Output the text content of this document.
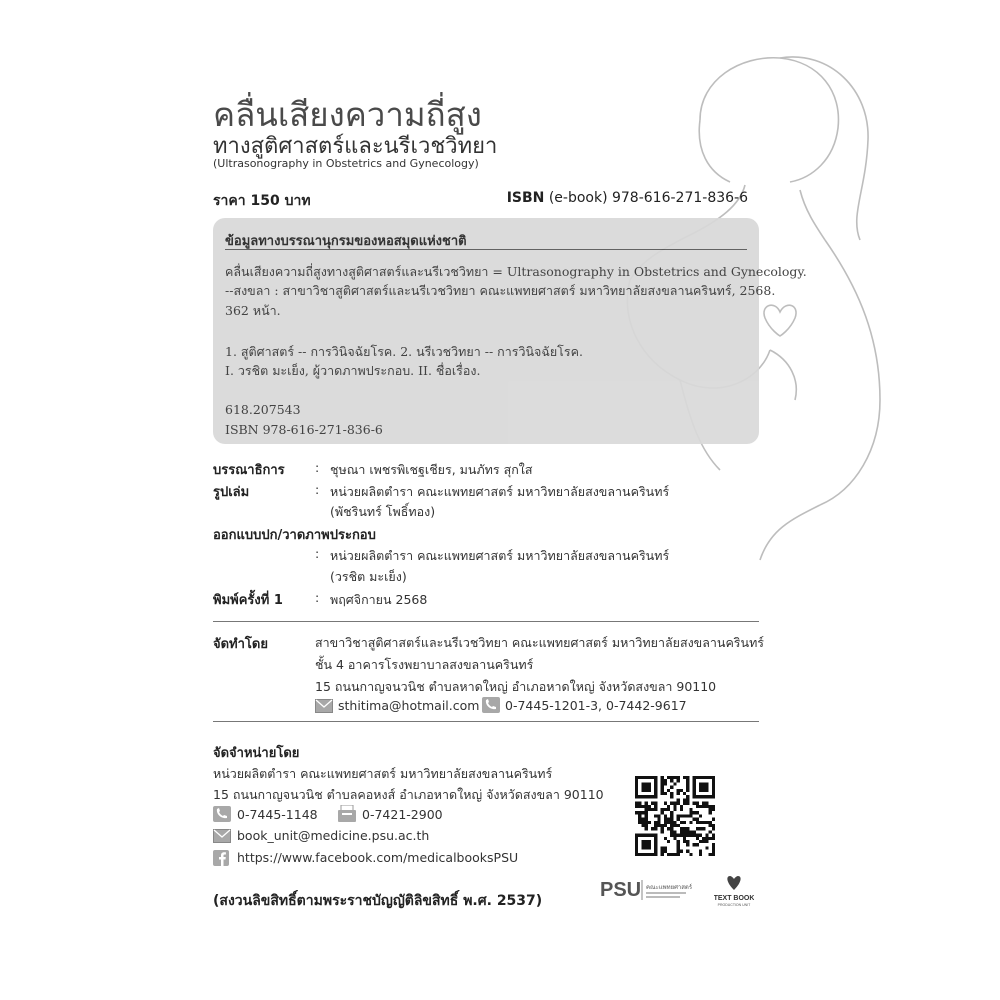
คลื่นเสียงความถี่สูง
ทางสูติศาสตร์และนรีเวชวิทยา
(Ultrasonography in Obstetrics and Gynecology)
ราคา 150 บาท	ISBN (e-book) 978-616-271-836-6
ข้อมูลทางบรรณานุกรมของหอสมุดแห่งชาติ
คลื่นเสียงความถี่สูงทางสูติศาสตร์และนรีเวชวิทยา = Ultrasonography in Obstetrics and Gynecology.
--สงขลา : สาขาวิชาสูติศาสตร์และนรีเวชวิทยา คณะแพทยศาสตร์ มหาวิทยาลัยสงขลานครินทร์, 2568.
362 หน้า.
1. สูติศาสตร์ -- การวินิจฉัยโรค. 2. นรีเวชวิทยา -- การวินิจฉัยโรค.
I. วรชิต มะเย็ง, ผู้วาดภาพประกอบ. II. ชื่อเรื่อง.
618.207543
ISBN 978-616-271-836-6
บรรณาธิการ : ชุษณา เพชรพิเชฐเชียร, มนภัทร สุกใส
รูปเล่ม	: หน่วยผลิตตำรา คณะแพทยศาสตร์ มหาวิทยาลัยสงขลานครินทร์
(พัชรินทร์ โพธิ์ทอง)
ออกแบบปก/วาดภาพประกอบ
: หน่วยผลิตตำรา คณะแพทยศาสตร์ มหาวิทยาลัยสงขลานครินทร์
(วรชิต มะเย็ง)
พิมพ์ครั้งที่ 1	: พฤศจิกายน 2568
จัดทำโดย	สาขาวิชาสูติศาสตร์และนรีเวชวิทยา คณะแพทยศาสตร์ มหาวิทยาลัยสงขลานครินทร์
ชั้น 4 อาคารโรงพยาบาลสงขลานครินทร์
15 ถนนกาญจนวนิช ตำบลหาดใหญ่ อำเภอหาดใหญ่ จังหวัดสงขลา 90110
sthitima@hotmail.com 0-7445-1201-3, 0-7442-9617
จัดจำหน่ายโดย
หน่วยผลิตตำรา คณะแพทยศาสตร์ มหาวิทยาลัยสงขลานครินทร์
15 ถนนกาญจนวนิช ตำบลคอหงส์ อำเภอหาดใหญ่ จังหวัดสงขลา 90110
0-7445-1148	0-7421-2900
book_unit@medicine.psu.ac.th
https://www.facebook.com/medicalbooksPSU
PSU คณะแพทยศาสตร์
TEXT BOOK
PRODUCTION UNIT
(สงวนลิขสิทธิ์ตามพระราชบัญญัติลิขสิทธิ์ พ.ศ. 2537)
